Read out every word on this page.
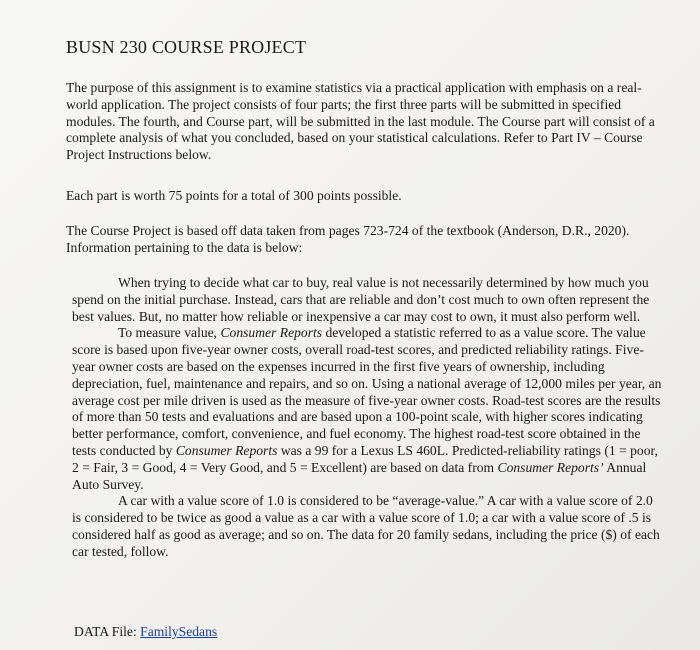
BUSN 230 COURSE PROJECT

The purpose of this assignment is to examine statistics via a practical application with emphasis on a real-world application. The project consists of four parts; the first three parts will be submitted in specified modules. The fourth, and Course part, will be submitted in the last module. The Course part will consist of a complete analysis of what you concluded, based on your statistical calculations. Refer to Part IV – Course Project Instructions below.

Each part is worth 75 points for a total of 300 points possible.

The Course Project is based off data taken from pages 723-724 of the textbook (Anderson, D.R., 2020). Information pertaining to the data is below:

When trying to decide what car to buy, real value is not necessarily determined by how much you spend on the initial purchase. Instead, cars that are reliable and don’t cost much to own often represent the best values. But, no matter how reliable or inexpensive a car may cost to own, it must also perform well.

To measure value, Consumer Reports developed a statistic referred to as a value score. The value score is based upon five-year owner costs, overall road-test scores, and predicted reliability ratings. Five-year owner costs are based on the expenses incurred in the first five years of ownership, including depreciation, fuel, maintenance and repairs, and so on. Using a national average of 12,000 miles per year, an average cost per mile driven is used as the measure of five-year owner costs. Road-test scores are the results of more than 50 tests and evaluations and are based upon a 100-point scale, with higher scores indicating better performance, comfort, convenience, and fuel economy. The highest road-test score obtained in the tests conducted by Consumer Reports was a 99 for a Lexus LS 460L. Predicted-reliability ratings (1 = poor, 2 = Fair, 3 = Good, 4 = Very Good, and 5 = Excellent) are based on data from Consumer Reports’ Annual Auto Survey.

A car with a value score of 1.0 is considered to be “average-value.” A car with a value score of 2.0 is considered to be twice as good a value as a car with a value score of 1.0; a car with a value score of .5 is considered half as good as average; and so on. The data for 20 family sedans, including the price ($) of each car tested, follow.

DATA File: FamilySedans
